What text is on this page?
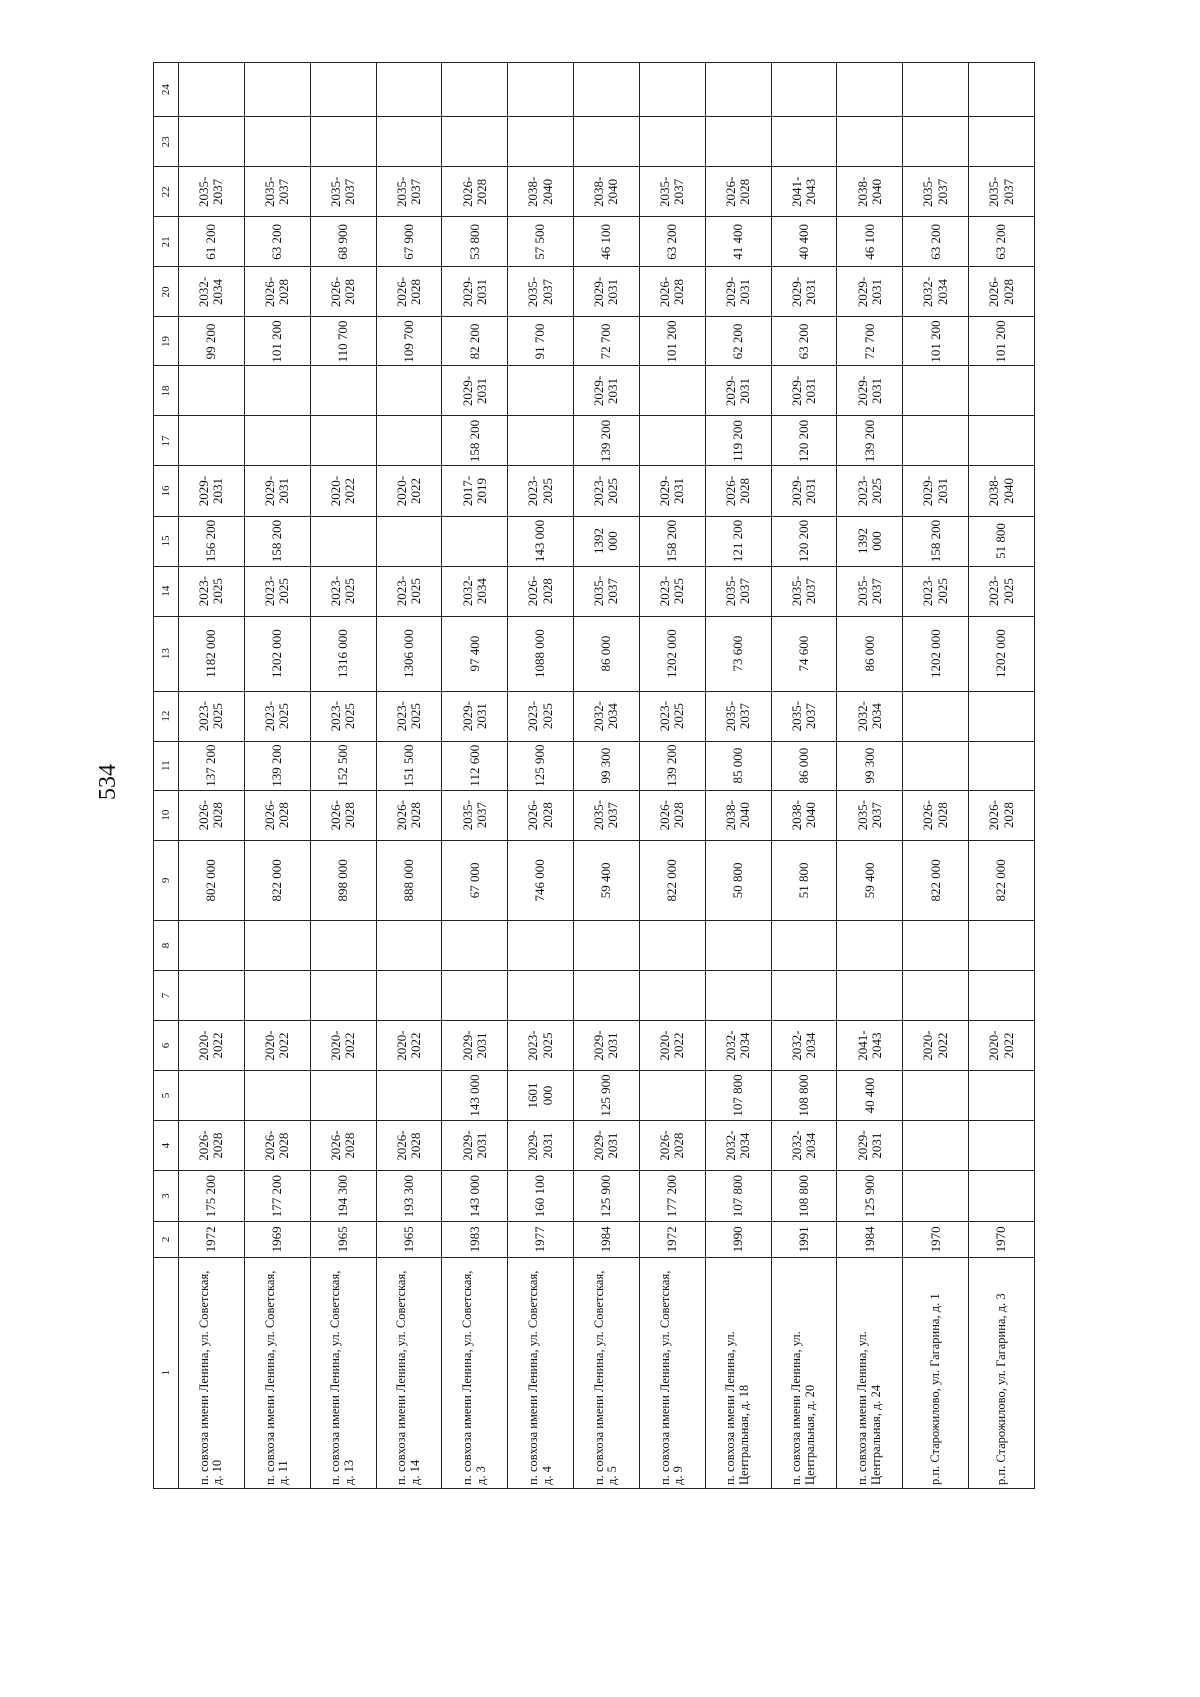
534
1	2	3	4	5	6	7	8	9	10	11	12	13	14	15	16	17	18	19	20	21	22	23	24
п. совхоза имени Ленина, ул. Советская, д. 10	1972	175 200	2026-2028		2020-2022			802 000	2026-2028	137 200	2023-2025	1182 000	2023-2025	156 200	2029-2031			99 200	2032-2034	61 200	2035-2037		
п. совхоза имени Ленина, ул. Советская, д. 11	1969	177 200	2026-2028		2020-2022			822 000	2026-2028	139 200	2023-2025	1202 000	2023-2025	158 200	2029-2031			101 200	2026-2028	63 200	2035-2037		
п. совхоза имени Ленина, ул. Советская, д. 13	1965	194 300	2026-2028		2020-2022			898 000	2026-2028	152 500	2023-2025	1316 000	2023-2025		2020-2022			110 700	2026-2028	68 900	2035-2037		
п. совхоза имени Ленина, ул. Советская, д. 14	1965	193 300	2026-2028		2020-2022			888 000	2026-2028	151 500	2023-2025	1306 000	2023-2025		2020-2022			109 700	2026-2028	67 900	2035-2037		
п. совхоза имени Ленина, ул. Советская, д. 3	1983	143 000	2029-2031	143 000	2029-2031			67 000	2035-2037	112 600	2029-2031	97 400	2032-2034		2017-2019	158 200	2029-2031	82 200	2029-2031	53 800	2026-2028		
п. совхоза имени Ленина, ул. Советская, д. 4	1977	160 100	2029-2031	1601 000	2023-2025			746 000	2026-2028	125 900	2023-2025	1088 000	2026-2028	143 000	2023-2025			91 700	2035-2037	57 500	2038-2040		
п. совхоза имени Ленина, ул. Советская, д. 5	1984	125 900	2029-2031	125 900	2029-2031			59 400	2035-2037	99 300	2032-2034	86 000	2035-2037	1392 000	2023-2025	139 200	2029-2031	72 700	2029-2031	46 100	2038-2040		
п. совхоза имени Ленина, ул. Советская, д. 9	1972	177 200	2026-2028		2020-2022			822 000	2026-2028	139 200	2023-2025	1202 000	2023-2025	158 200	2029-2031			101 200	2026-2028	63 200	2035-2037		
п. совхоза имени Ленина, ул. Центральная, д. 18	1990	107 800	2032-2034	107 800	2032-2034			50 800	2038-2040	85 000	2035-2037	73 600	2035-2037	121 200	2026-2028	119 200	2029-2031	62 200	2029-2031	41 400	2026-2028		
п. совхоза имени Ленина, ул. Центральная, д. 20	1991	108 800	2032-2034	108 800	2032-2034			51 800	2038-2040	86 000	2035-2037	74 600	2035-2037	120 200	2029-2031	120 200	2029-2031	63 200	2029-2031	40 400	2041-2043		
п. совхоза имени Ленина, ул. Центральная, д. 24	1984	125 900	2029-2031	40 400	2041-2043			59 400	2035-2037	99 300	2032-2034	86 000	2035-2037	1392 000	2023-2025	139 200	2029-2031	72 700	2029-2031	46 100	2038-2040		
р.п. Старожилово, ул. Гагарина, д. 1	1970				2020-2022			822 000	2026-2028			1202 000	2023-2025	158 200	2029-2031			101 200	2032-2034	63 200	2035-2037		
р.п. Старожилово, ул. Гагарина, д. 3	1970				2020-2022			822 000	2026-2028			1202 000	2023-2025	51 800	2038-2040			101 200	2026-2028	63 200	2035-2037		
